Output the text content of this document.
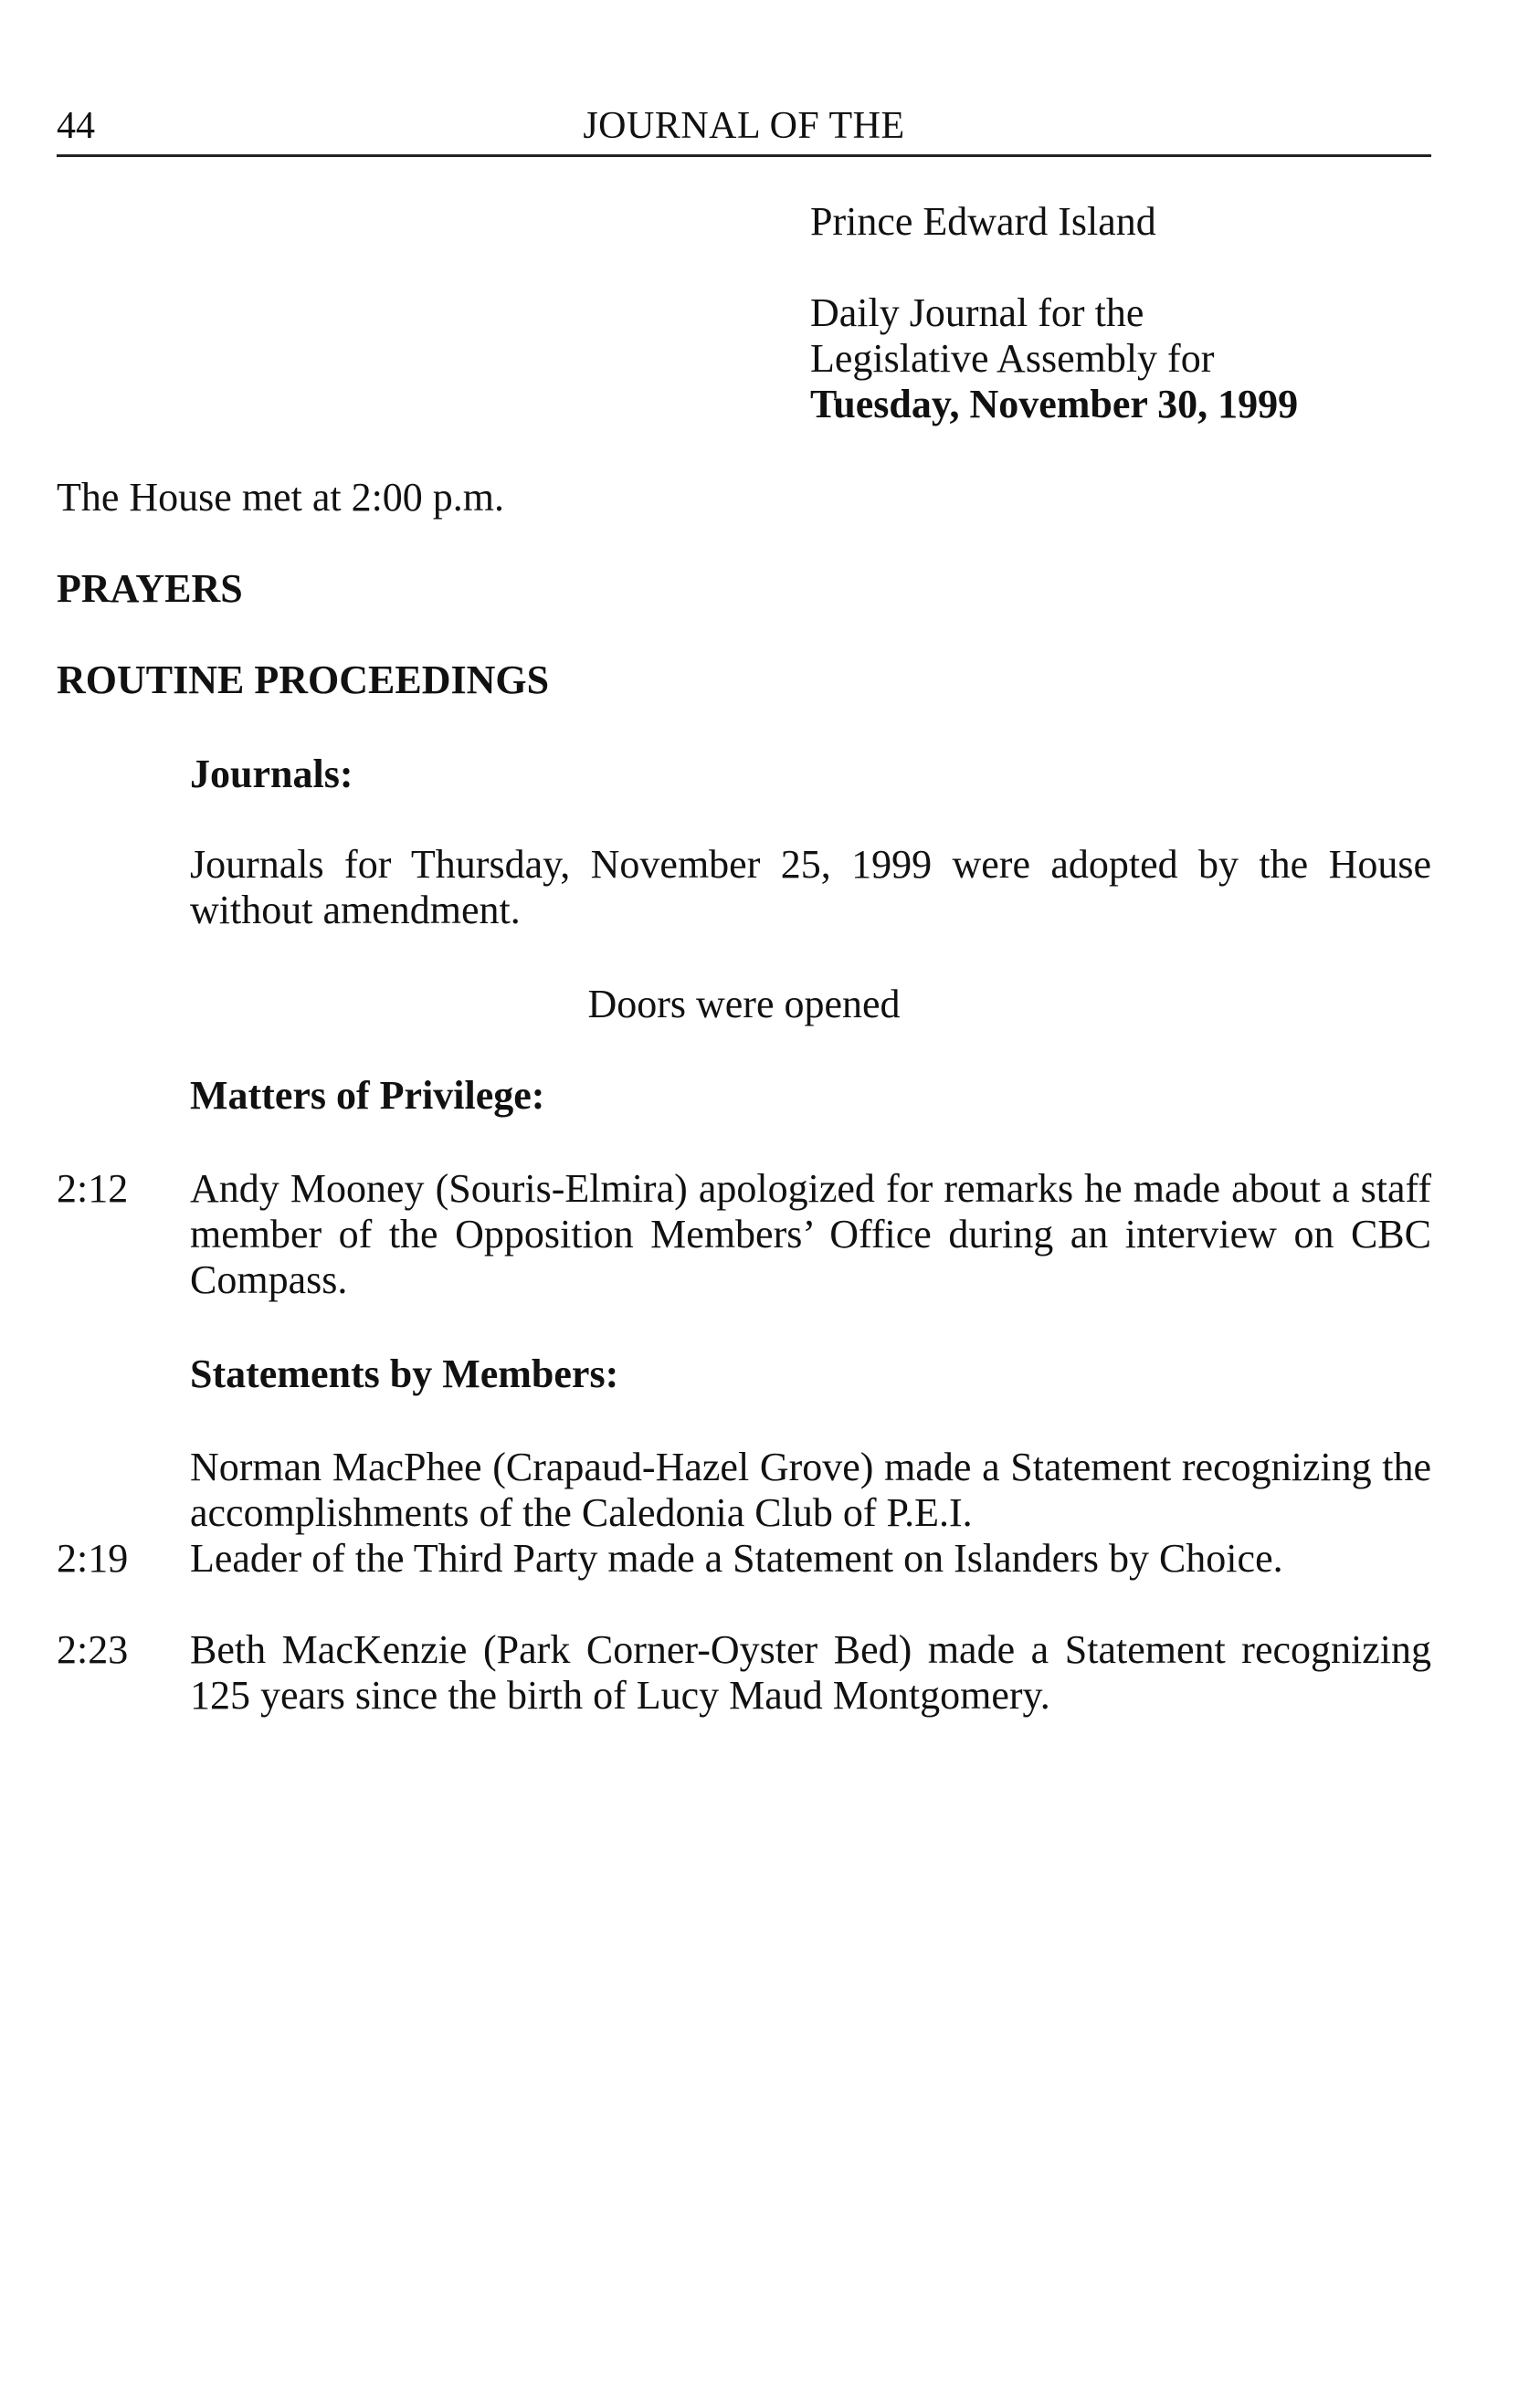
44	JOURNAL OF THE
Prince Edward Island
Daily Journal for the
Legislative Assembly for
Tuesday, November 30, 1999
The House met at 2:00 p.m.
PRAYERS
ROUTINE PROCEEDINGS
Journals:
Journals for Thursday, November 25, 1999 were adopted by the House without amendment.
Doors were opened
Matters of Privilege:
2:12 Andy Mooney (Souris-Elmira) apologized for remarks he made about a staff member of the Opposition Members’ Office during an interview on CBC Compass.
Statements by Members:
Norman MacPhee (Crapaud-Hazel Grove) made a Statement recognizing the accomplishments of the Caledonia Club of P.E.I.
2:19 Leader of the Third Party made a Statement on Islanders by Choice.
2:23 Beth MacKenzie (Park Corner-Oyster Bed) made a Statement recognizing 125 years since the birth of Lucy Maud Montgomery.
